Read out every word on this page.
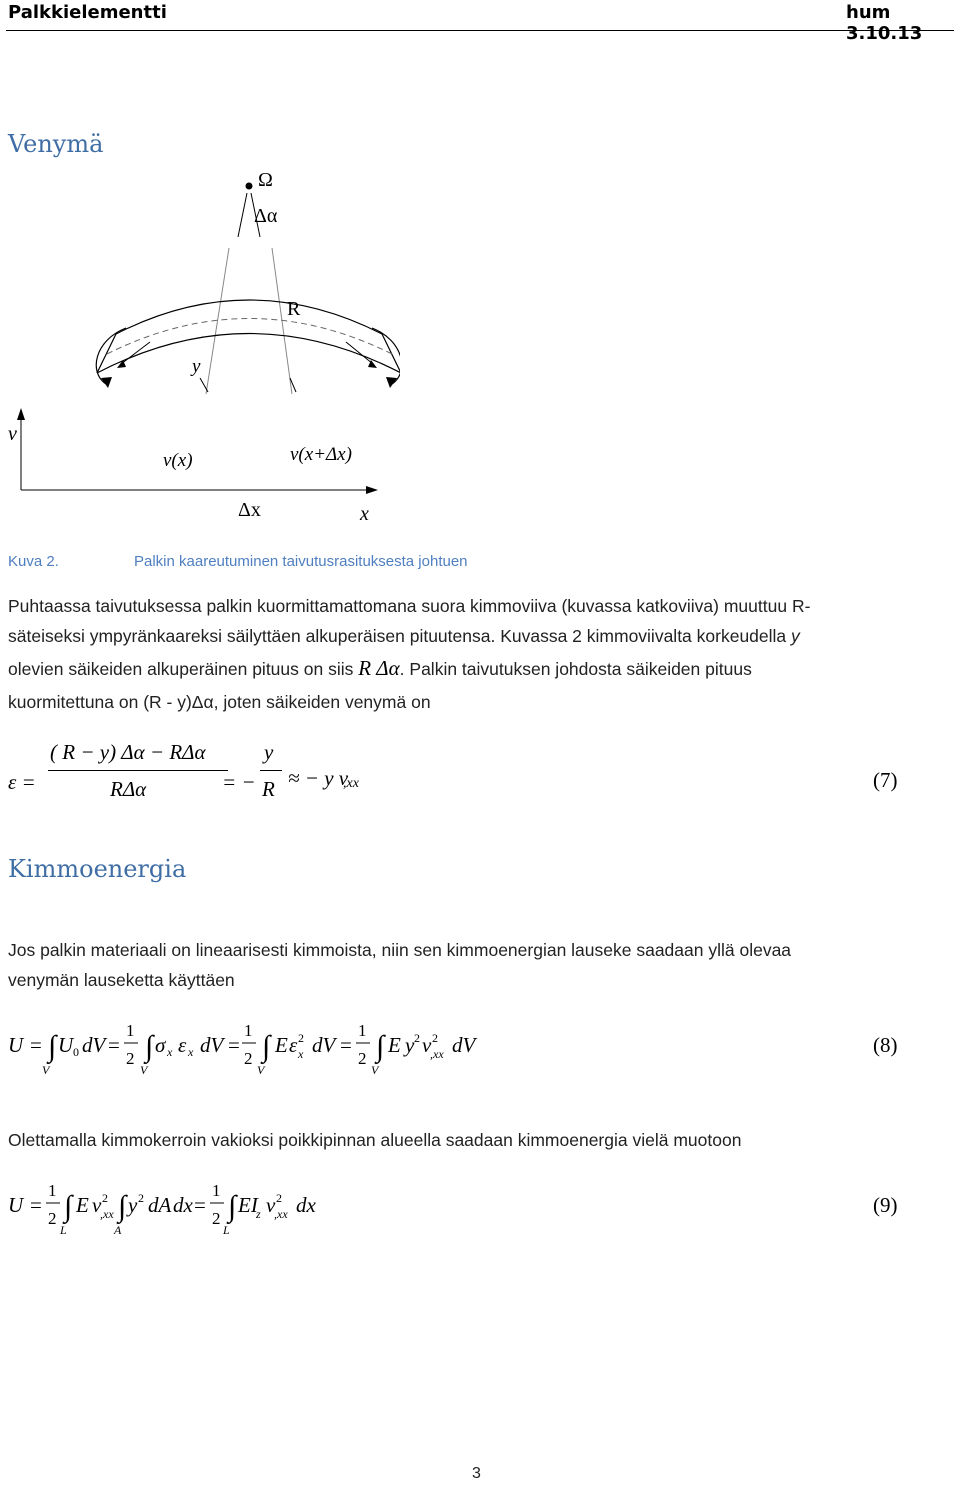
Palkkielementti	hum 3.10.13
Venymä
Ω
Δα
R
y
v
v(x)	v(x+Δx)
Δx	x
Kuva 2.	Palkin kaareutuminen taivutusrasituksesta johtuen

Puhtaassa taivutuksessa palkin kuormittamattomana suora kimmoviiva (kuvassa katkoviiva) muuttuu R-

säteiseksi ympyränkaareksi säilyttäen alkuperäisen pituutensa. Kuvassa 2 kimmoviivalta korkeudella y

olevien säikeiden alkuperäinen pituus on siis R Δα. Palkin taivutuksen johdosta säikeiden pituus

kuormitettuna on (R - y)Δα, joten säikeiden venymä on

ε =
( R − y) Δα − RΔα
RΔα	= −
y
R ≈ − y v
,xx	(7)
Kimmoenergia

Jos palkin materiaali on lineaarisesti kimmoista, niin sen kimmoenergian lauseke saadaan yllä olevaa

venymän lauseketta käyttäen

U = ∫
V
U 0 dV =
1
2 ∫
V
σ x ε x dV =
1
2 ∫
V
E ε 2
x dV =
1
2 ∫
V
E y 2 v 2
,xx dV	(8)

Olettamalla kimmokerroin vakioksi poikkipinnan alueella saadaan kimmoenergia vielä muotoon

U =
1
2 ∫
L
E v 2
,xx ∫
A
y 2 dA dx =
1
2 ∫
L
EI
z v 2
,xx dx	(9)
3
